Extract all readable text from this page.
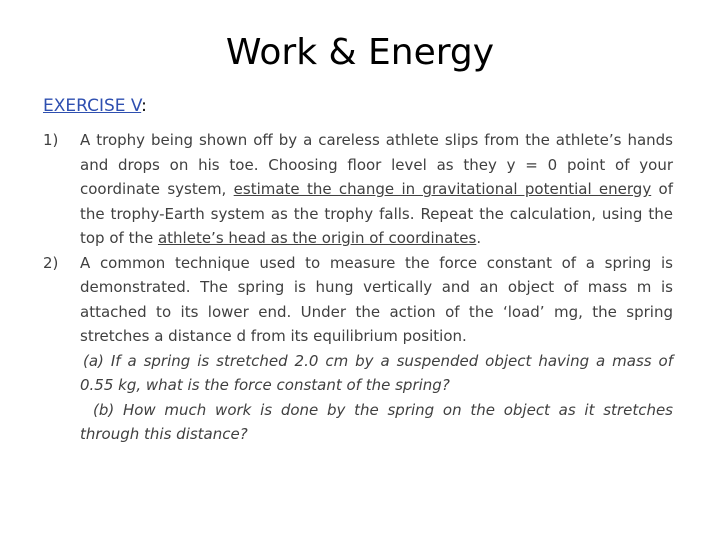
Work & Energy
EXERCISE V:
1) A trophy being shown off by a careless athlete slips from the athlete’s hands and drops on his toe. Choosing floor level as they y = 0 point of your coordinate system, estimate the change in gravitational potential energy of the trophy-Earth system as the trophy falls. Repeat the calculation, using the top of the athlete’s head as the origin of coordinates.
2) A common technique used to measure the force constant of a spring is demonstrated. The spring is hung vertically and an object of mass m is attached to its lower end. Under the action of the ‘load’ mg, the spring stretches a distance d from its equilibrium position.
(a) If a spring is stretched 2.0 cm by a suspended object having a mass of 0.55 kg, what is the force constant of the spring?
(b) How much work is done by the spring on the object as it stretches through this distance?
